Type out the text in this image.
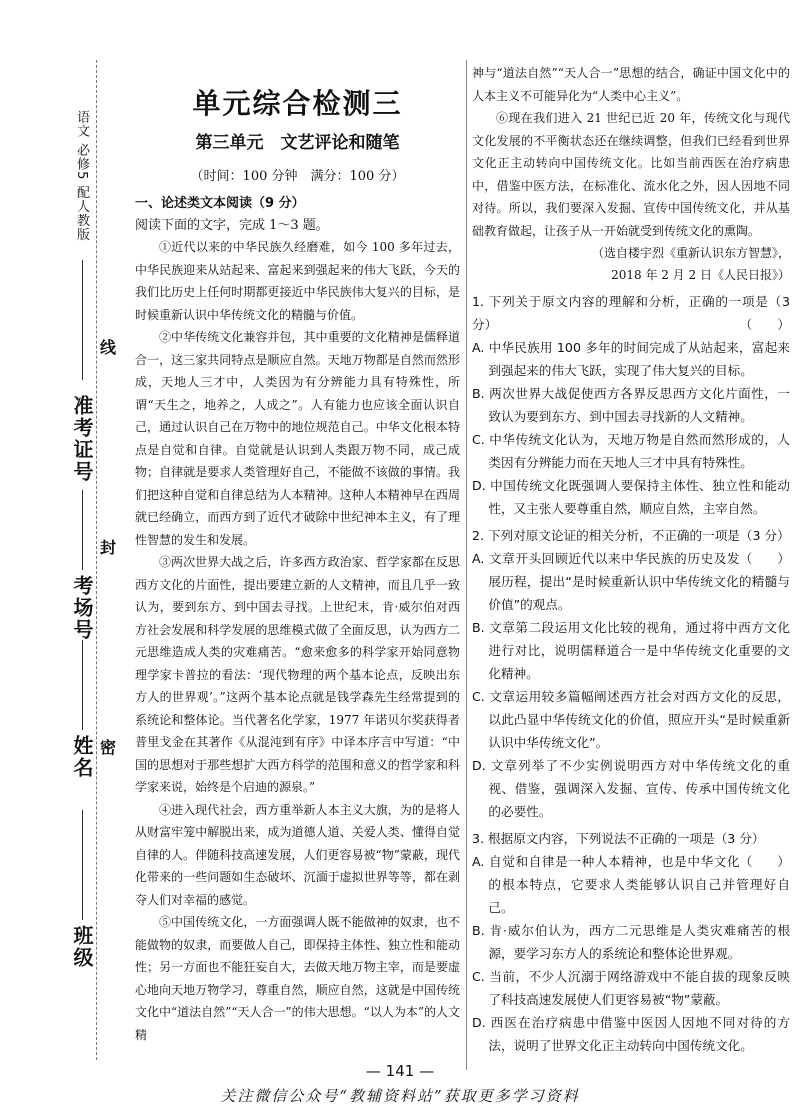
语文 必修5 配人教版
准考证号
考场号
姓名
班级
线
封
密
单元综合检测三
第三单元　文艺评论和随笔
（时间：100 分钟　满分：100 分）
一、论述类文本阅读（9 分）
阅读下面的文字，完成 1～3 题。
①近代以来的中华民族久经磨难，如今 100 多年过去，中华民族迎来从站起来、富起来到强起来的伟大飞跃，今天的我们比历史上任何时期都更接近中华民族伟大复兴的目标，是时候重新认识中华传统文化的精髓与价值。
②中华传统文化兼容并包，其中重要的文化精神是儒释道合一，这三家共同特点是顺应自然。天地万物都是自然而然形成，天地人三才中，人类因为有分辨能力具有特殊性，所谓“天生之，地养之，人成之”。人有能力也应该全面认识自己，通过认识自己在万物中的地位规范自己。中华文化根本特点是自觉和自律。自觉就是认识到人类跟万物不同，成己成物；自律就是要求人类管理好自己，不能做不该做的事情。我们把这种自觉和自律总结为人本精神。这种人本精神早在西周就已经确立，而西方到了近代才破除中世纪神本主义，有了理性智慧的发生和发展。
③两次世界大战之后，许多西方政治家、哲学家都在反思西方文化的片面性，提出要建立新的人文精神，而且几乎一致认为，要到东方、到中国去寻找。上世纪末，肯·威尔伯对西方社会发展和科学发展的思维模式做了全面反思，认为西方二元思维造成人类的灾难痛苦。“愈来愈多的科学家开始同意物理学家卡普拉的看法：‘现代物理的两个基本论点，反映出东方人的世界观’。”这两个基本论点就是钱学森先生经常提到的系统论和整体论。当代著名化学家，1977 年诺贝尔奖获得者普里戈金在其著作《从混沌到有序》中译本序言中写道：“中国的思想对于那些想扩大西方科学的范围和意义的哲学家和科学家来说，始终是个启迪的源泉。”
④进入现代社会，西方重举新人本主义大旗，为的是将人从财富牢笼中解脱出来，成为道德人道、关爱人类、懂得自觉自律的人。伴随科技高速发展，人们更容易被“物”蒙蔽，现代化带来的一些问题如生态破坏、沉湎于虚拟世界等等，都在剥夺人们对幸福的感觉。
⑤中国传统文化，一方面强调人既不能做神的奴隶，也不能做物的奴隶，而要做人自己，即保持主体性、独立性和能动性；另一方面也不能狂妄自大，去做天地万物主宰，而是要虚心地向天地万物学习，尊重自然，顺应自然，这就是中国传统文化中“道法自然”“天人合一”的伟大思想。“以人为本”的人文精
神与“道法自然”“天人合一”思想的结合，确证中国文化中的人本主义不可能异化为“人类中心主义”。
⑥现在我们进入 21 世纪已近 20 年，传统文化与现代文化发展的不平衡状态还在继续调整，但我们已经看到世界文化正主动转向中国传统文化。比如当前西医在治疗病患中，借鉴中医方法，在标准化、流水化之外，因人因地不同对待。所以，我们要深入发掘、宣传中国传统文化，并从基础教育做起，让孩子从一开始就受到传统文化的熏陶。
（选自楼宇烈《重新认识东方智慧》，
2018 年 2 月 2 日《人民日报》）
1. 下列关于原文内容的理解和分析，正确的一项是（3 分）	（　　）
A. 中华民族用 100 多年的时间完成了从站起来，富起来到强起来的伟大飞跃，实现了伟大复兴的目标。
B. 两次世界大战促使西方各界反思西方文化片面性，一致认为要到东方、到中国去寻找新的人文精神。
C. 中华传统文化认为，天地万物是自然而然形成的，人类因有分辨能力而在天地人三才中具有特殊性。
D. 中国传统文化既强调人要保持主体性、独立性和能动性，又主张人要尊重自然，顺应自然，主宰自然。
2. 下列对原文论证的相关分析，不正确的一项是（3 分）
（　　）
A. 文章开头回顾近代以来中华民族的历史及发展历程，提出“是时候重新认识中华传统文化的精髓与价值”的观点。
B. 文章第二段运用文化比较的视角，通过将中西方文化进行对比，说明儒释道合一是中华传统文化重要的文化精神。
C. 文章运用较多篇幅阐述西方社会对西方文化的反思，以此凸显中华传统文化的价值，照应开头“是时候重新认识中华传统文化”。
D. 文章列举了不少实例说明西方对中华传统文化的重视、借鉴，强调深入发掘、宣传、传承中国传统文化的必要性。
3. 根据原文内容，下列说法不正确的一项是（3 分）
（　　）
A. 自觉和自律是一种人本精神，也是中华文化的根本特点，它要求人类能够认识自己并管理好自己。
B. 肯·威尔伯认为，西方二元思维是人类灾难痛苦的根源，要学习东方人的系统论和整体论世界观。
C. 当前，不少人沉溺于网络游戏中不能自拔的现象反映了科技高速发展使人们更容易被“物”蒙蔽。
D. 西医在治疗病患中借鉴中医因人因地不同对待的方法，说明了世界文化正主动转向中国传统文化。
— 141 —
关注微信公众号“教辅资料站”获取更多学习资料
